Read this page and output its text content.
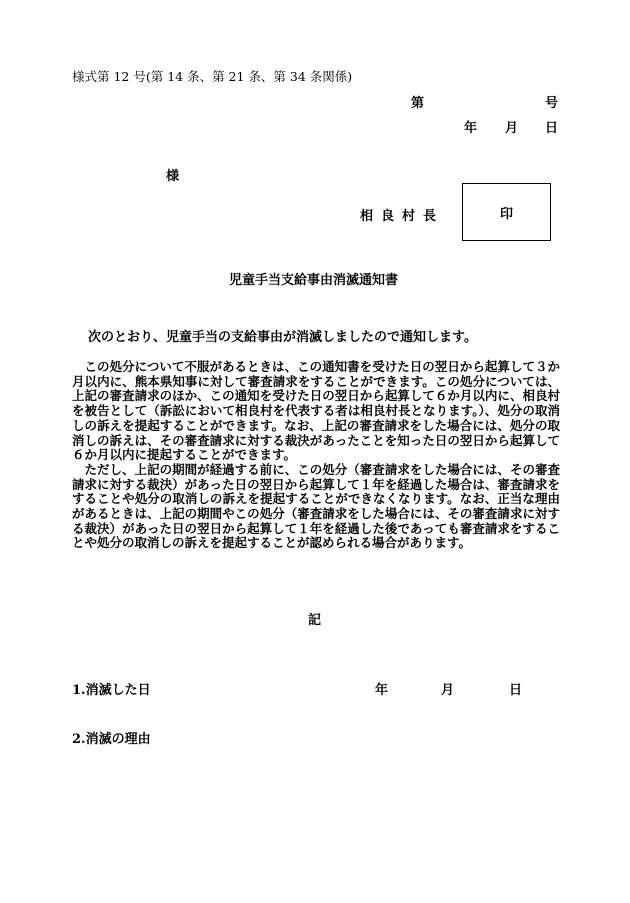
様式第 12 号(第 14 条、第 21 条、第 34 条関係)
第	号
年 月 日
様
相良村長	印
児童手当支給事由消滅通知書
次のとおり、児童手当の支給事由が消滅しましたので通知します。

この処分について不服があるときは、この通知書を受けた日の翌日から起算して３か月以内に、熊本県知事に対して審査請求をすることができます。この処分については、上記の審査請求のほか、この通知を受けた日の翌日から起算して６か月以内に、相良村を被告として（訴訟において相良村を代表する者は相良村長となります。）、処分の取消しの訴えを提起することができます。なお、上記の審査請求をした場合には、処分の取消しの訴えは、その審査請求に対する裁決があったことを知った日の翌日から起算して６か月以内に提起することができます。

ただし、上記の期間が経過する前に、この処分（審査請求をした場合には、その審査請求に対する裁決）があった日の翌日から起算して１年を経過した場合は、審査請求をすることや処分の取消しの訴えを提起することができなくなります。なお、正当な理由があるときは、上記の期間やこの処分（審査請求をした場合には、その審査請求に対する裁決）があった日の翌日から起算して１年を経過した後であっても審査請求をすることや処分の取消しの訴えを提起することが認められる場合があります。

記
1.消滅した日	年	月	日
2.消滅の理由
